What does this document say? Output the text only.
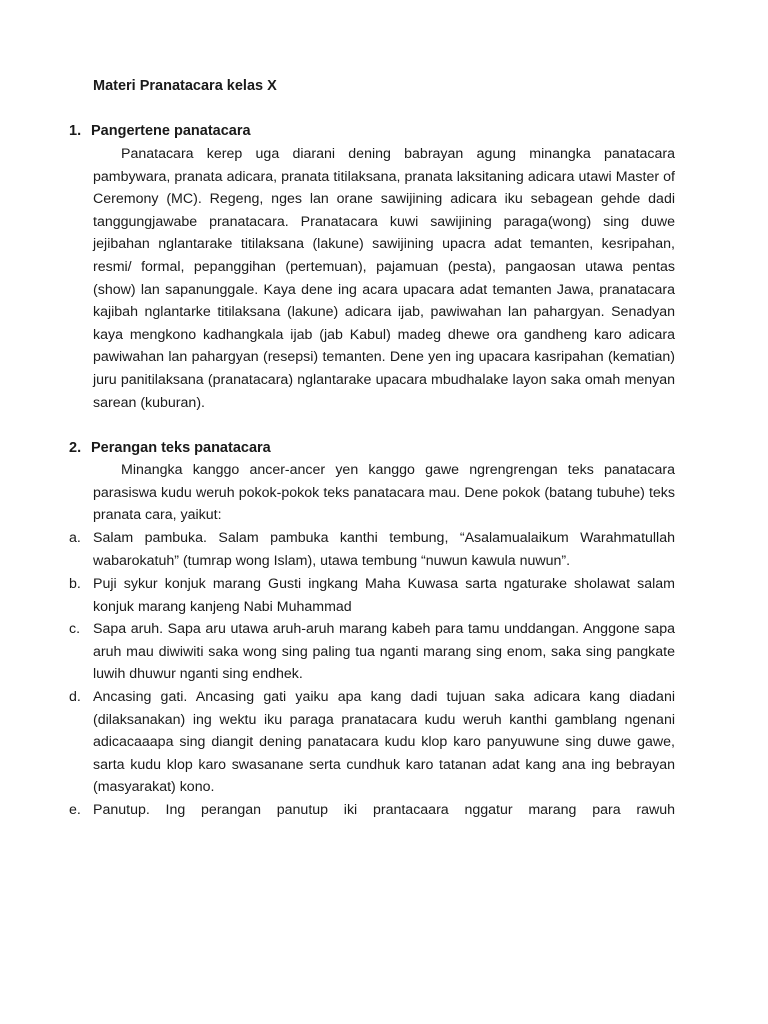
Materi Pranatacara kelas X
1. Pangertene panatacara

Panatacara kerep uga diarani dening babrayan agung minangka panatacara pambywara, pranata adicara, pranata titilaksana, pranata laksitaning adicara utawi Master of Ceremony (MC). Regeng, nges lan orane sawijining adicara iku sebagean gehde dadi tanggungjawabe pranatacara. Pranatacara kuwi sawijining paraga(wong) sing duwe jejibahan nglantarake titilaksana (lakune) sawijining upacra adat temanten, kesripahan, resmi/ formal, pepanggihan (pertemuan), pajamuan (pesta), pangaosan utawa pentas (show) lan sapanunggale. Kaya dene ing acara upacara adat temanten Jawa, pranatacara kajibah nglantarke titilaksana (lakune) adicara ijab, pawiwahan lan pahargyan. Senadyan kaya mengkono kadhangkala ijab (jab Kabul) madeg dhewe ora gandheng karo adicara pawiwahan lan pahargyan (resepsi) temanten. Dene yen ing upacara kasripahan (kematian) juru panitilaksana (pranatacara) nglantarake upacara mbudhalake layon saka omah menyan sarean (kuburan).

2. Perangan teks panatacara

Minangka kanggo ancer-ancer yen kanggo gawe ngrengrengan teks panatacara parasiswa kudu weruh pokok-pokok teks panatacara mau. Dene pokok (batang tubuhe) teks pranata cara, yaikut:

a. Salam pambuka. Salam pambuka kanthi tembung, “Asalamualaikum Warahmatullah wabarokatuh” (tumrap wong Islam), utawa tembung “nuwun kawula nuwun”.
b. Puji sykur konjuk marang Gusti ingkang Maha Kuwasa sarta ngaturake sholawat salam konjuk marang kanjeng Nabi Muhammad
c. Sapa aruh. Sapa aru utawa aruh-aruh marang kabeh para tamu unddangan. Anggone sapa aruh mau diwiwiti saka wong sing paling tua nganti marang sing enom, saka sing pangkate luwih dhuwur nganti sing endhek.
d. Ancasing gati. Ancasing gati yaiku apa kang dadi tujuan saka adicara kang diadani (dilaksanakan) ing wektu iku paraga pranatacara kudu weruh kanthi gamblang ngenani adicacaaapa sing diangit dening panatacara kudu klop karo panyuwune sing duwe gawe, sarta kudu klop karo swasanane serta cundhuk karo tatanan adat kang ana ing bebrayan (masyarakat) kono.
e. Panutup. Ing perangan panutup iki prantacaara nggatur marang para rawuh
